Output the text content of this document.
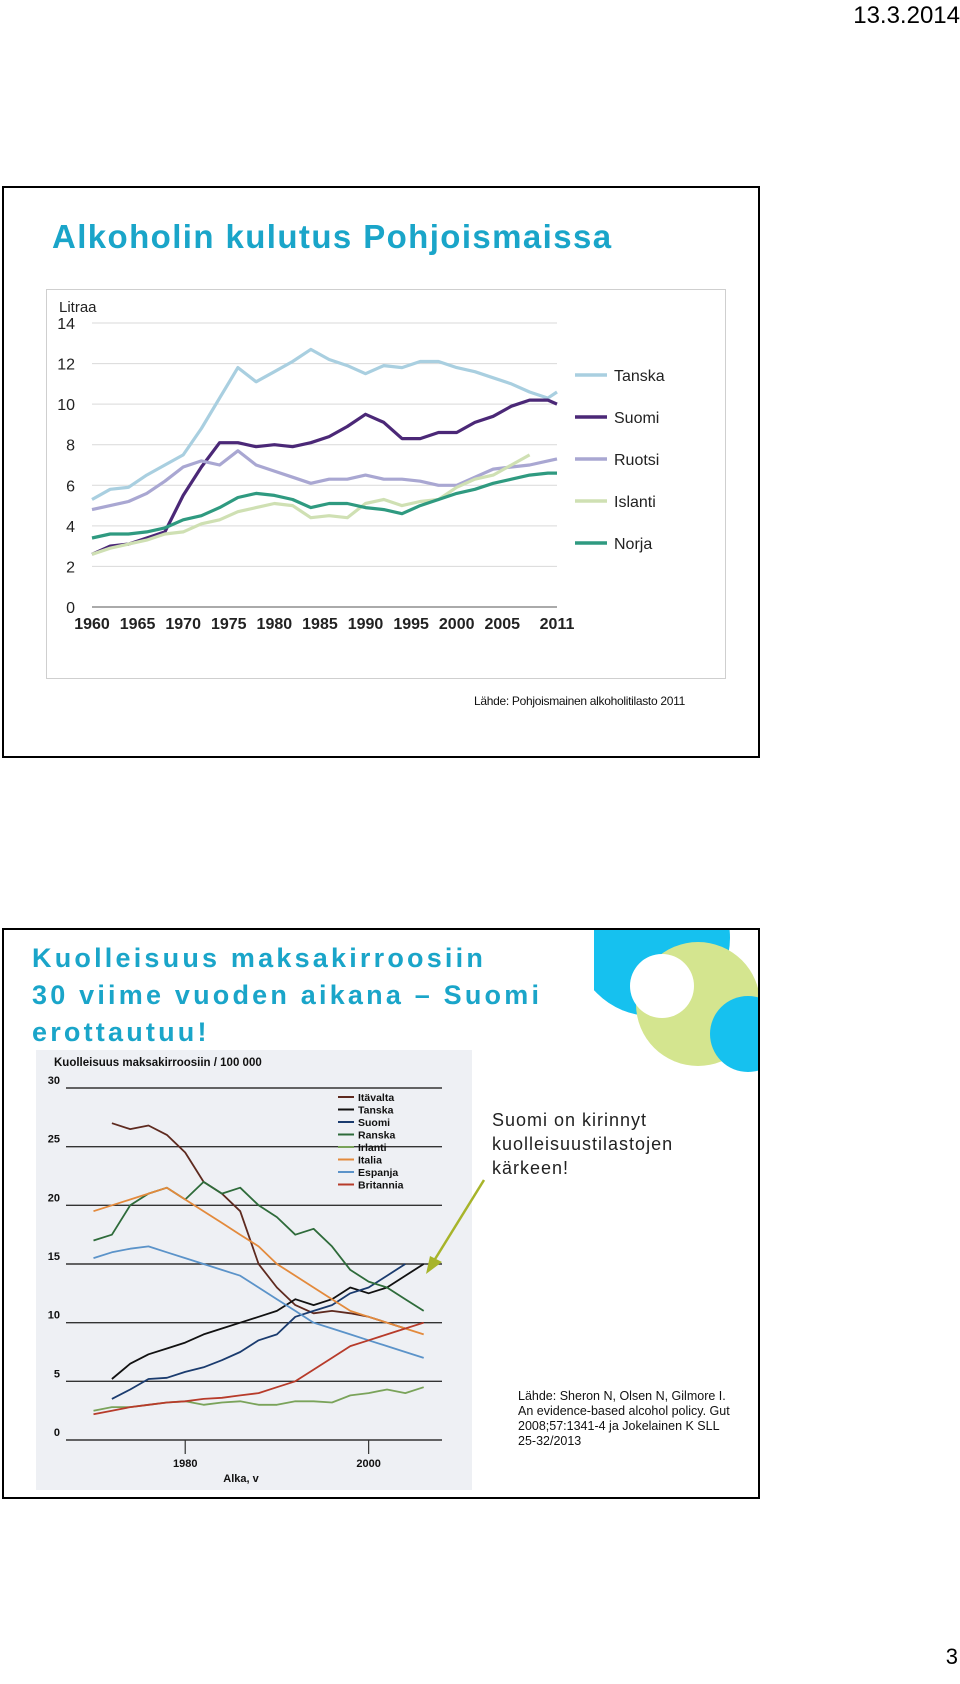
13.3.2014
Alkoholin kulutus Pohjoismaissa
Litraa
0
2
4
6
8
10
12
14
1960 1965 1970 1975 1980 1985 1990 1995 2000 2005 2011
Tanska
Suomi
Ruotsi
Islanti
Norja
Lähde: Pohjoismainen alkoholitilasto 2011
Kuolleisuus maksakirroosiin
30 viime vuoden aikana – Suomi
erottautuu!
Kuolleisuus maksakirroosiin / 100 000
0
5
10
15
20
25
30
1980	2000
Alka, v
Itävalta
Tanska
Suomi
Ranska
Irlanti
Italia
Espanja
Britannia
Suomi on kirinnyt kuolleisuustilastojen kärkeen!
Lähde: Sheron N, Olsen N, Gilmore I. An evidence-based alcohol policy. Gut 2008;57:1341-4 ja Jokelainen K SLL 25-32/2013
3
